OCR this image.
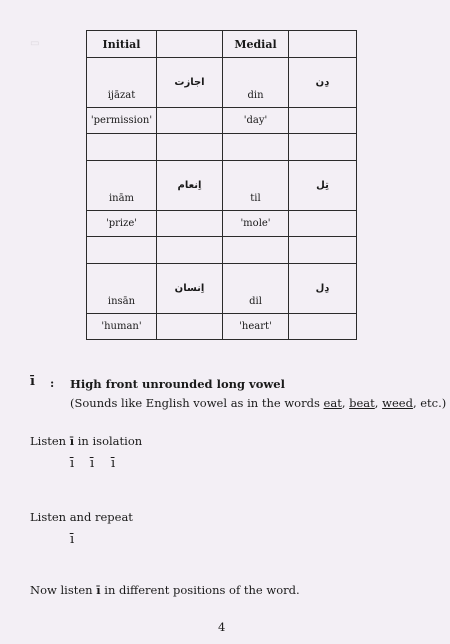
▭	Initial		Medial	
ijāzat	اجازت	din	دِن
'permission'		'day'	

inām	اِنعام	til	تِل
'prize'		'mole'	

insān	اِنسان	dil	دِل
'human'		'heart'	
ī : High front unrounded long vowel
(Sounds like English vowel as in the words eat, beat, weed, etc.)
Listen ī in isolation
ī ī ī
Listen and repeat
ī
Now listen ī in different positions of the word.
4
